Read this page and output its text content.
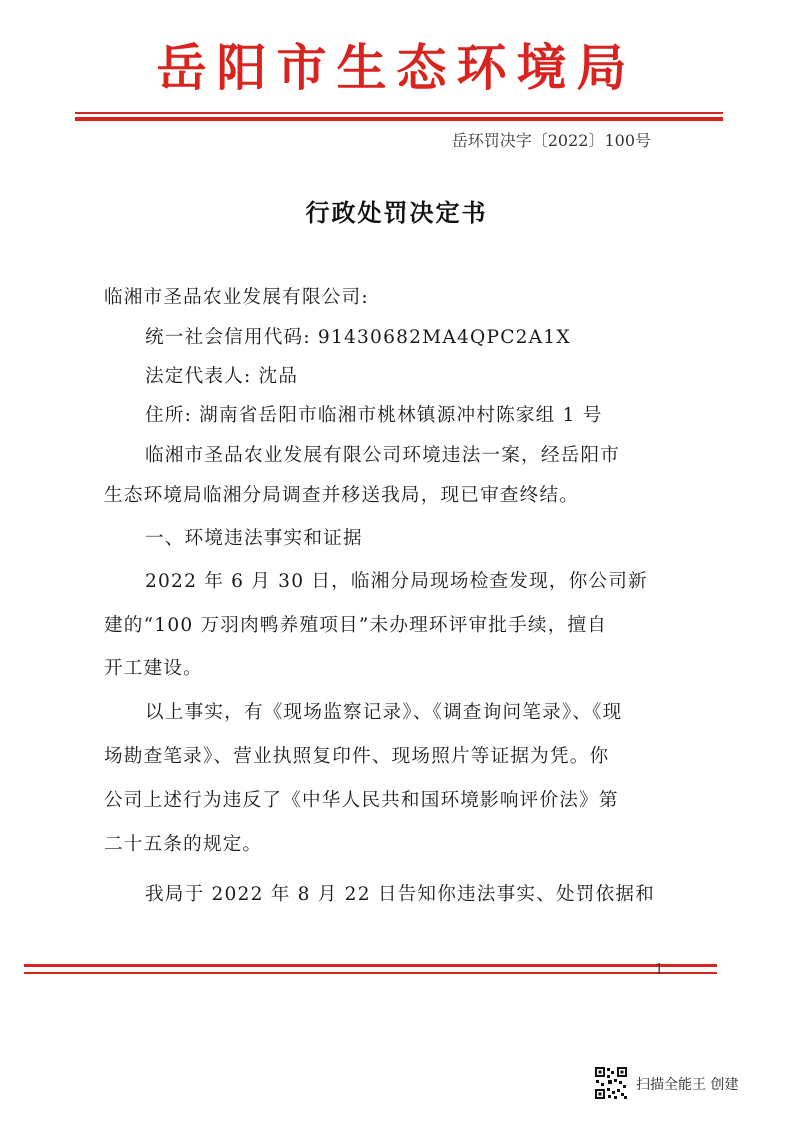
岳阳市生态环境局
岳环罚决字〔2022〕100号
行政处罚决定书
临湘市圣品农业发展有限公司:
统一社会信用代码: 91430682MA4QPC2A1X
法定代表人: 沈品
住所: 湖南省岳阳市临湘市桃林镇源冲村陈家组 1 号
临湘市圣品农业发展有限公司环境违法一案，经岳阳市
生态环境局临湘分局调查并移送我局，现已审查终结。
一、环境违法事实和证据
2022 年 6 月 30 日，临湘分局现场检查发现，你公司新
建的“100 万羽肉鸭养殖项目”未办理环评审批手续，擅自
开工建设。
以上事实，有《现场监察记录》、《调查询问笔录》、《现
场勘查笔录》、营业执照复印件、现场照片等证据为凭。你
公司上述行为违反了《中华人民共和国环境影响评价法》第
二十五条的规定。
我局于 2022 年 8 月 22 日告知你违法事实、处罚依据和
1
扫描全能王 创建
